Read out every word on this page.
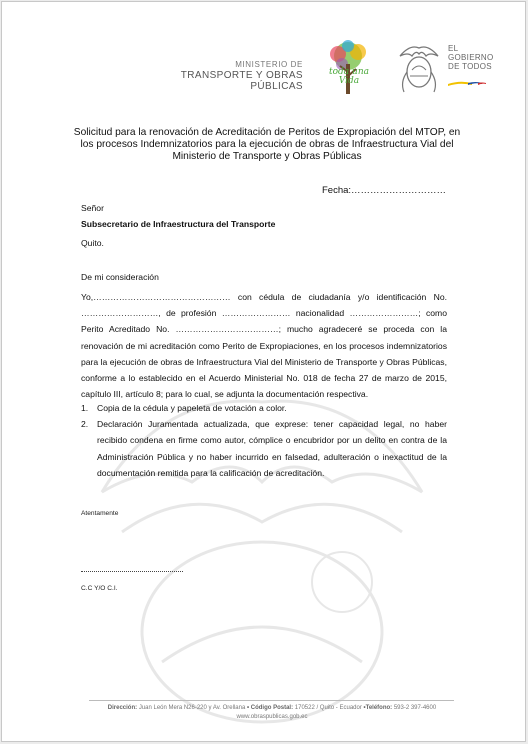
MINISTERIO DE
TRANSPORTE Y OBRAS PÚBLICAS
toda una Vida
EL
GOBIERNO
DE TODOS
Solicitud para la renovación de Acreditación de Peritos de Expropiación del MTOP, en
los procesos Indemnizatorios para la ejecución de obras de Infraestructura Vial del
Ministerio de Transporte y Obras Públicas
Fecha:…………………………
Señor
Subsecretario de Infraestructura del Transporte
Quito.
De mi consideración
Yo,………………………………………… con cédula de ciudadanía y/o identificación No. ………………………, de profesión …………………… nacionalidad ……………………; como Perito Acreditado No. ………………………………; mucho agradeceré se proceda con la renovación de mi acreditación como Perito de Expropiaciones, en los procesos indemnizatorios para la ejecución de obras de Infraestructura Vial del Ministerio de Transporte y Obras Públicas, conforme a lo establecido en el Acuerdo Ministerial No. 018 de fecha 27 de marzo de 2015, capítulo III, artículo 8; para lo cual, se adjunta la documentación respectiva.
1. Copia de la cédula y papeleta de votación a color.
2. Declaración Juramentada actualizada, que exprese: tener capacidad legal, no haber recibido condena en firme como autor, cómplice o encubridor por un delito en contra de la Administración Pública y no haber incurrido en falsedad, adulteración o inexactitud de la documentación remitida para la calificación de acreditación.
Atentamente
C.C Y/O C.I.
Dirección: Juan León Mera N26-220 y Av. Orellana • Código Postal: 170522 / Quito - Ecuador •Teléfono: 593-2 397-4600
www.obraspublicas.gob.ec
